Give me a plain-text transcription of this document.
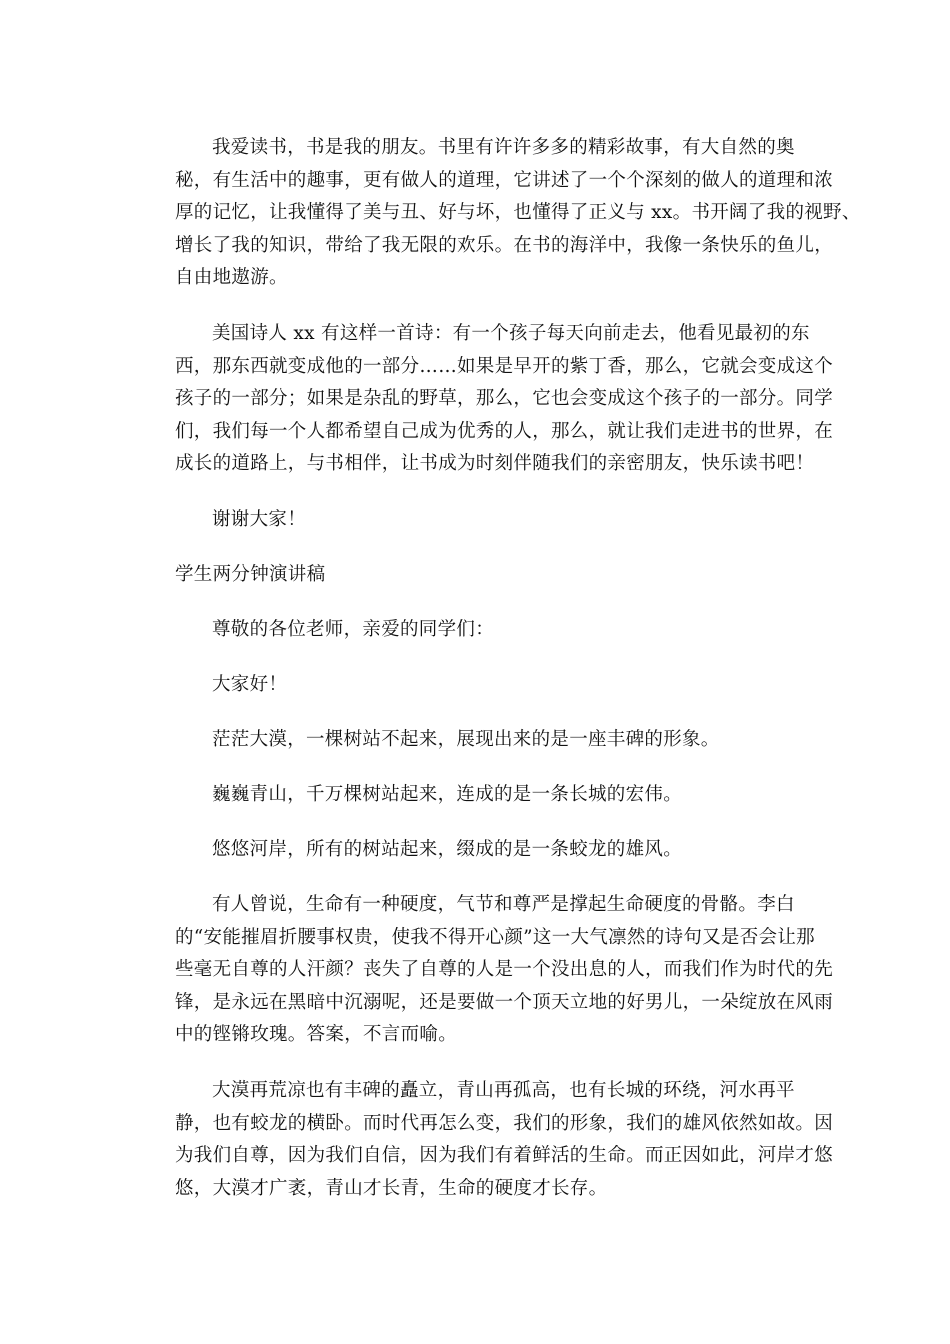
我爱读书，书是我的朋友。书里有许许多多的精彩故事，有大自然的奥
秘，有生活中的趣事，更有做人的道理，它讲述了一个个深刻的做人的道理和浓
厚的记忆，让我懂得了美与丑、好与坏，也懂得了正义与 xx。书开阔了我的视野、
增长了我的知识，带给了我无限的欢乐。在书的海洋中，我像一条快乐的鱼儿，
自由地遨游。

美国诗人 xx 有这样一首诗：有一个孩子每天向前走去，他看见最初的东
西，那东西就变成他的一部分……如果是早开的紫丁香，那么，它就会变成这个
孩子的一部分；如果是杂乱的野草，那么，它也会变成这个孩子的一部分。同学
们，我们每一个人都希望自己成为优秀的人，那么，就让我们走进书的世界，在
成长的道路上，与书相伴，让书成为时刻伴随我们的亲密朋友，快乐读书吧！

谢谢大家！

学生两分钟演讲稿

尊敬的各位老师，亲爱的同学们：

大家好！

茫茫大漠，一棵树站不起来，展现出来的是一座丰碑的形象。

巍巍青山，千万棵树站起来，连成的是一条长城的宏伟。

悠悠河岸，所有的树站起来，缀成的是一条蛟龙的雄风。

有人曾说，生命有一种硬度，气节和尊严是撑起生命硬度的骨骼。李白
的“安能摧眉折腰事权贵，使我不得开心颜”这一大气凛然的诗句又是否会让那
些毫无自尊的人汗颜？丧失了自尊的人是一个没出息的人，而我们作为时代的先
锋，是永远在黑暗中沉溺呢，还是要做一个顶天立地的好男儿，一朵绽放在风雨
中的铿锵玫瑰。答案，不言而喻。

大漠再荒凉也有丰碑的矗立，青山再孤高，也有长城的环绕，河水再平
静，也有蛟龙的横卧。而时代再怎么变，我们的形象，我们的雄风依然如故。因
为我们自尊，因为我们自信，因为我们有着鲜活的生命。而正因如此，河岸才悠
悠，大漠才广袤，青山才长青，生命的硬度才长存。
